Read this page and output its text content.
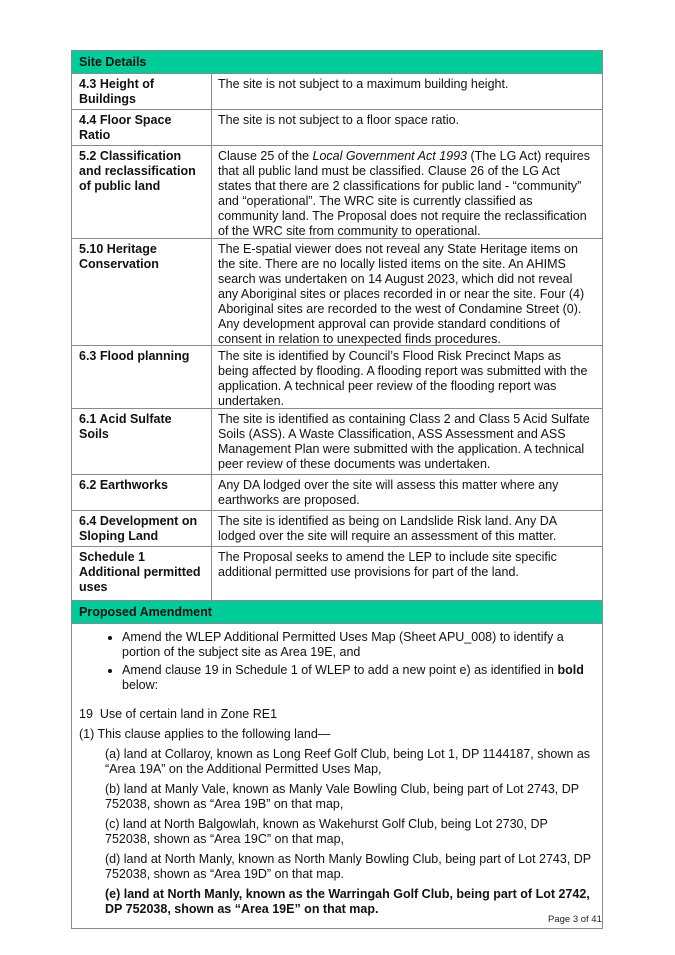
Site Details
4.3 Height of Buildings
The site is not subject to a maximum building height.
4.4 Floor Space Ratio
The site is not subject to a floor space ratio.
5.2 Classification and reclassification of public land
Clause 25 of the Local Government Act 1993 (The LG Act) requires that all public land must be classified. Clause 26 of the LG Act states that there are 2 classifications for public land - “community” and “operational”. The WRC site is currently classified as community land. The Proposal does not require the reclassification of the WRC site from community to operational.
5.10 Heritage Conservation
The E-spatial viewer does not reveal any State Heritage items on the site. There are no locally listed items on the site. An AHIMS search was undertaken on 14 August 2023, which did not reveal any Aboriginal sites or places recorded in or near the site. Four (4) Aboriginal sites are recorded to the west of Condamine Street (0). Any development approval can provide standard conditions of consent in relation to unexpected finds procedures.
6.3 Flood planning	The site is identified by Council’s Flood Risk Precinct Maps as being affected by flooding. A flooding report was submitted with the application. A technical peer review of the flooding report was undertaken.
6.1 Acid Sulfate Soils
The site is identified as containing Class 2 and Class 5 Acid Sulfate Soils (ASS). A Waste Classification, ASS Assessment and ASS Management Plan were submitted with the application. A technical peer review of these documents was undertaken.
6.2 Earthworks	Any DA lodged over the site will assess this matter where any earthworks are proposed.
6.4 Development on Sloping Land
The site is identified as being on Landslide Risk land. Any DA lodged over the site will require an assessment of this matter.
Schedule 1 Additional permitted uses
The Proposal seeks to amend the LEP to include site specific additional permitted use provisions for part of the land.
Proposed Amendment
• Amend the WLEP Additional Permitted Uses Map (Sheet APU_008) to identify a portion of the subject site as Area 19E, and
• Amend clause 19 in Schedule 1 of WLEP to add a new point e) as identified in bold below:
19  Use of certain land in Zone RE1
(1) This clause applies to the following land—
(a) land at Collaroy, known as Long Reef Golf Club, being Lot 1, DP 1144187, shown as “Area 19A” on the Additional Permitted Uses Map,
(b) land at Manly Vale, known as Manly Vale Bowling Club, being part of Lot 2743, DP 752038, shown as “Area 19B” on that map,
(c) land at North Balgowlah, known as Wakehurst Golf Club, being Lot 2730, DP 752038, shown as “Area 19C” on that map,
(d) land at North Manly, known as North Manly Bowling Club, being part of Lot 2743, DP 752038, shown as “Area 19D” on that map.
(e) land at North Manly, known as the Warringah Golf Club, being part of Lot 2742, DP 752038, shown as “Area 19E” on that map.
Page 3 of 41
